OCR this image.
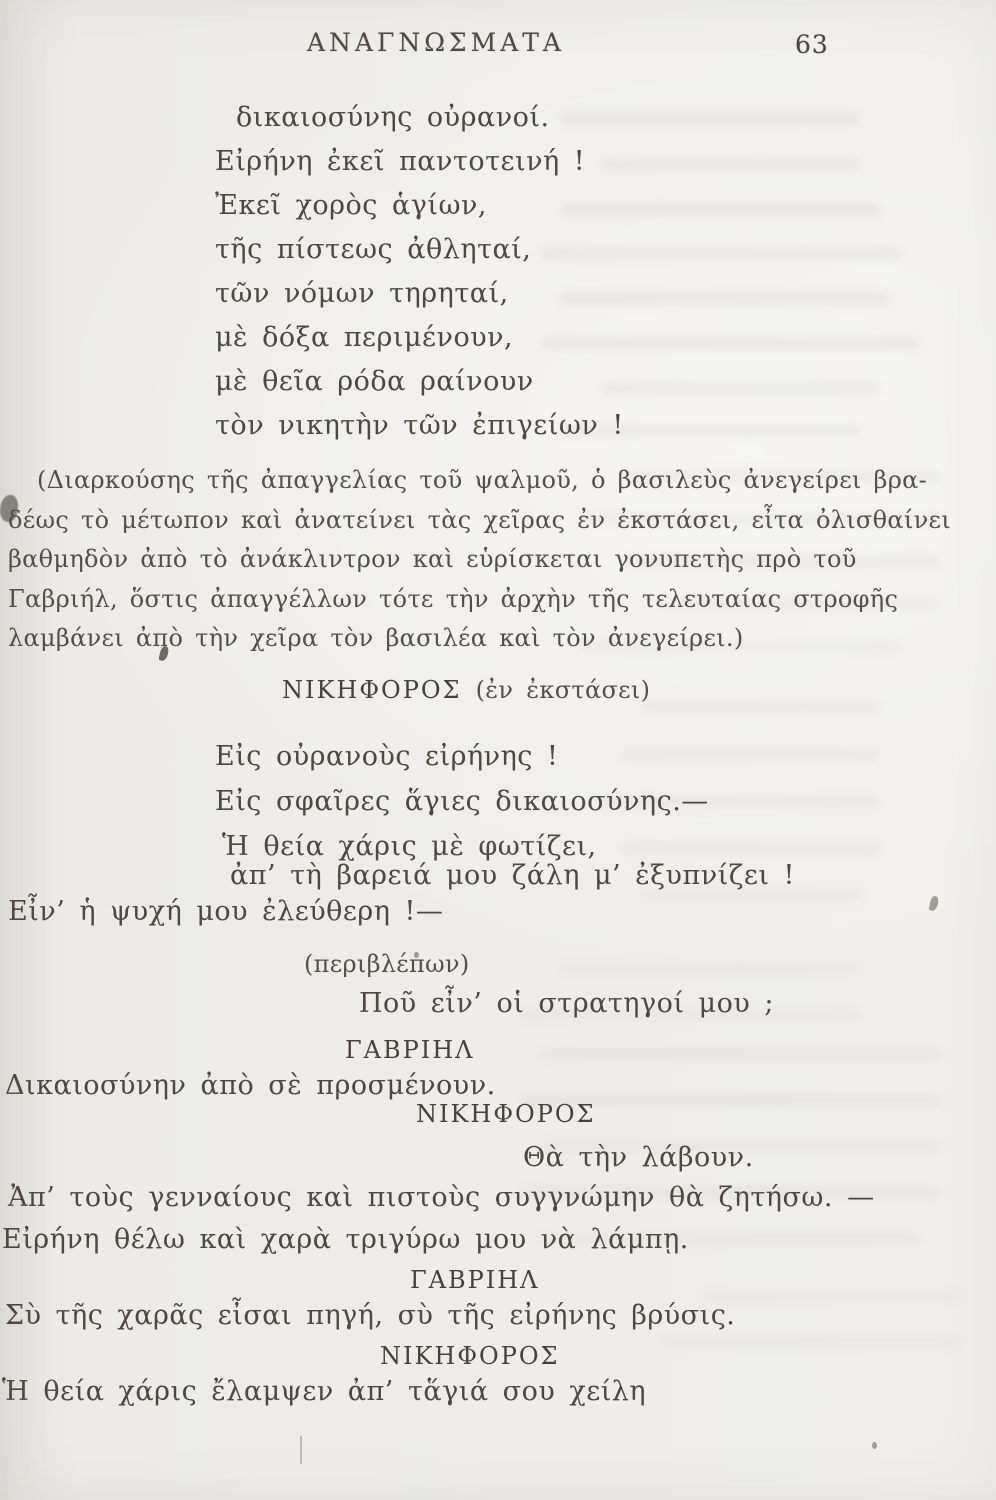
ΑΝΑΓΝΩΣΜΑΤΑ	63
δικαιοσύνης οὐρανοί.
Εἰρήνη ἐκεῖ παντοτεινή !
Ἐκεῖ χορὸς ἁγίων,
τῆς πίστεως ἀθληταί,
τῶν νόμων τηρηταί,
μὲ δόξα περιμένουν,
μὲ θεῖα ρόδα ραίνουν
τὸν νικητὴν τῶν ἐπιγείων !
(Διαρκούσης τῆς ἀπαγγελίας τοῦ ψαλμοῦ, ὁ βασιλεὺς ἀνεγείρει βρα-
δέως τὸ μέτωπον καὶ ἀνατείνει τὰς χεῖρας ἐν ἐκστάσει, εἶτα ὀλισθαίνει
βαθμηδὸν ἀπὸ τὸ ἀνάκλιντρον καὶ εὑρίσκεται γονυπετὴς πρὸ τοῦ
Γαβριήλ, ὅστις ἀπαγγέλλων τότε τὴν ἀρχὴν τῆς τελευταίας στροφῆς
λαμβάνει ἀπὸ τὴν χεῖρα τὸν βασιλέα καὶ τὸν ἀνεγείρει.)
ΝΙΚΗΦΟΡΟΣ (ἐν ἐκστάσει)
Εἰς οὐρανοὺς εἰρήνης !
Εἰς σφαῖρες ἅγιες δικαιοσύνης.—
Ἡ θεία χάρις μὲ φωτίζει,
ἀπ’ τὴ βαρειά μου ζάλη μ’ ἐξυπνίζει !
Εἶν’ ἡ ψυχή μου ἐλεύθερη !—
(περιβλέπων)
Ποῦ εἶν’ οἱ στρατηγοί μου ;
ΓΑΒΡΙΗΛ
Δικαιοσύνην ἀπὸ σὲ προσμένουν.
ΝΙΚΗΦΟΡΟΣ
Θὰ τὴν λάβουν.
Ἀπ’ τοὺς γενναίους καὶ πιστοὺς συγγνώμην θὰ ζητήσω. —
Εἰρήνη θέλω καὶ χαρὰ τριγύρω μου νὰ λάμπῃ.
ΓΑΒΡΙΗΛ
Σὺ τῆς χαρᾶς εἶσαι πηγή, σὺ τῆς εἰρήνης βρύσις.
ΝΙΚΗΦΟΡΟΣ
Ἡ θεία χάρις ἔλαμψεν ἀπ’ τἅγιά σου χείλη
